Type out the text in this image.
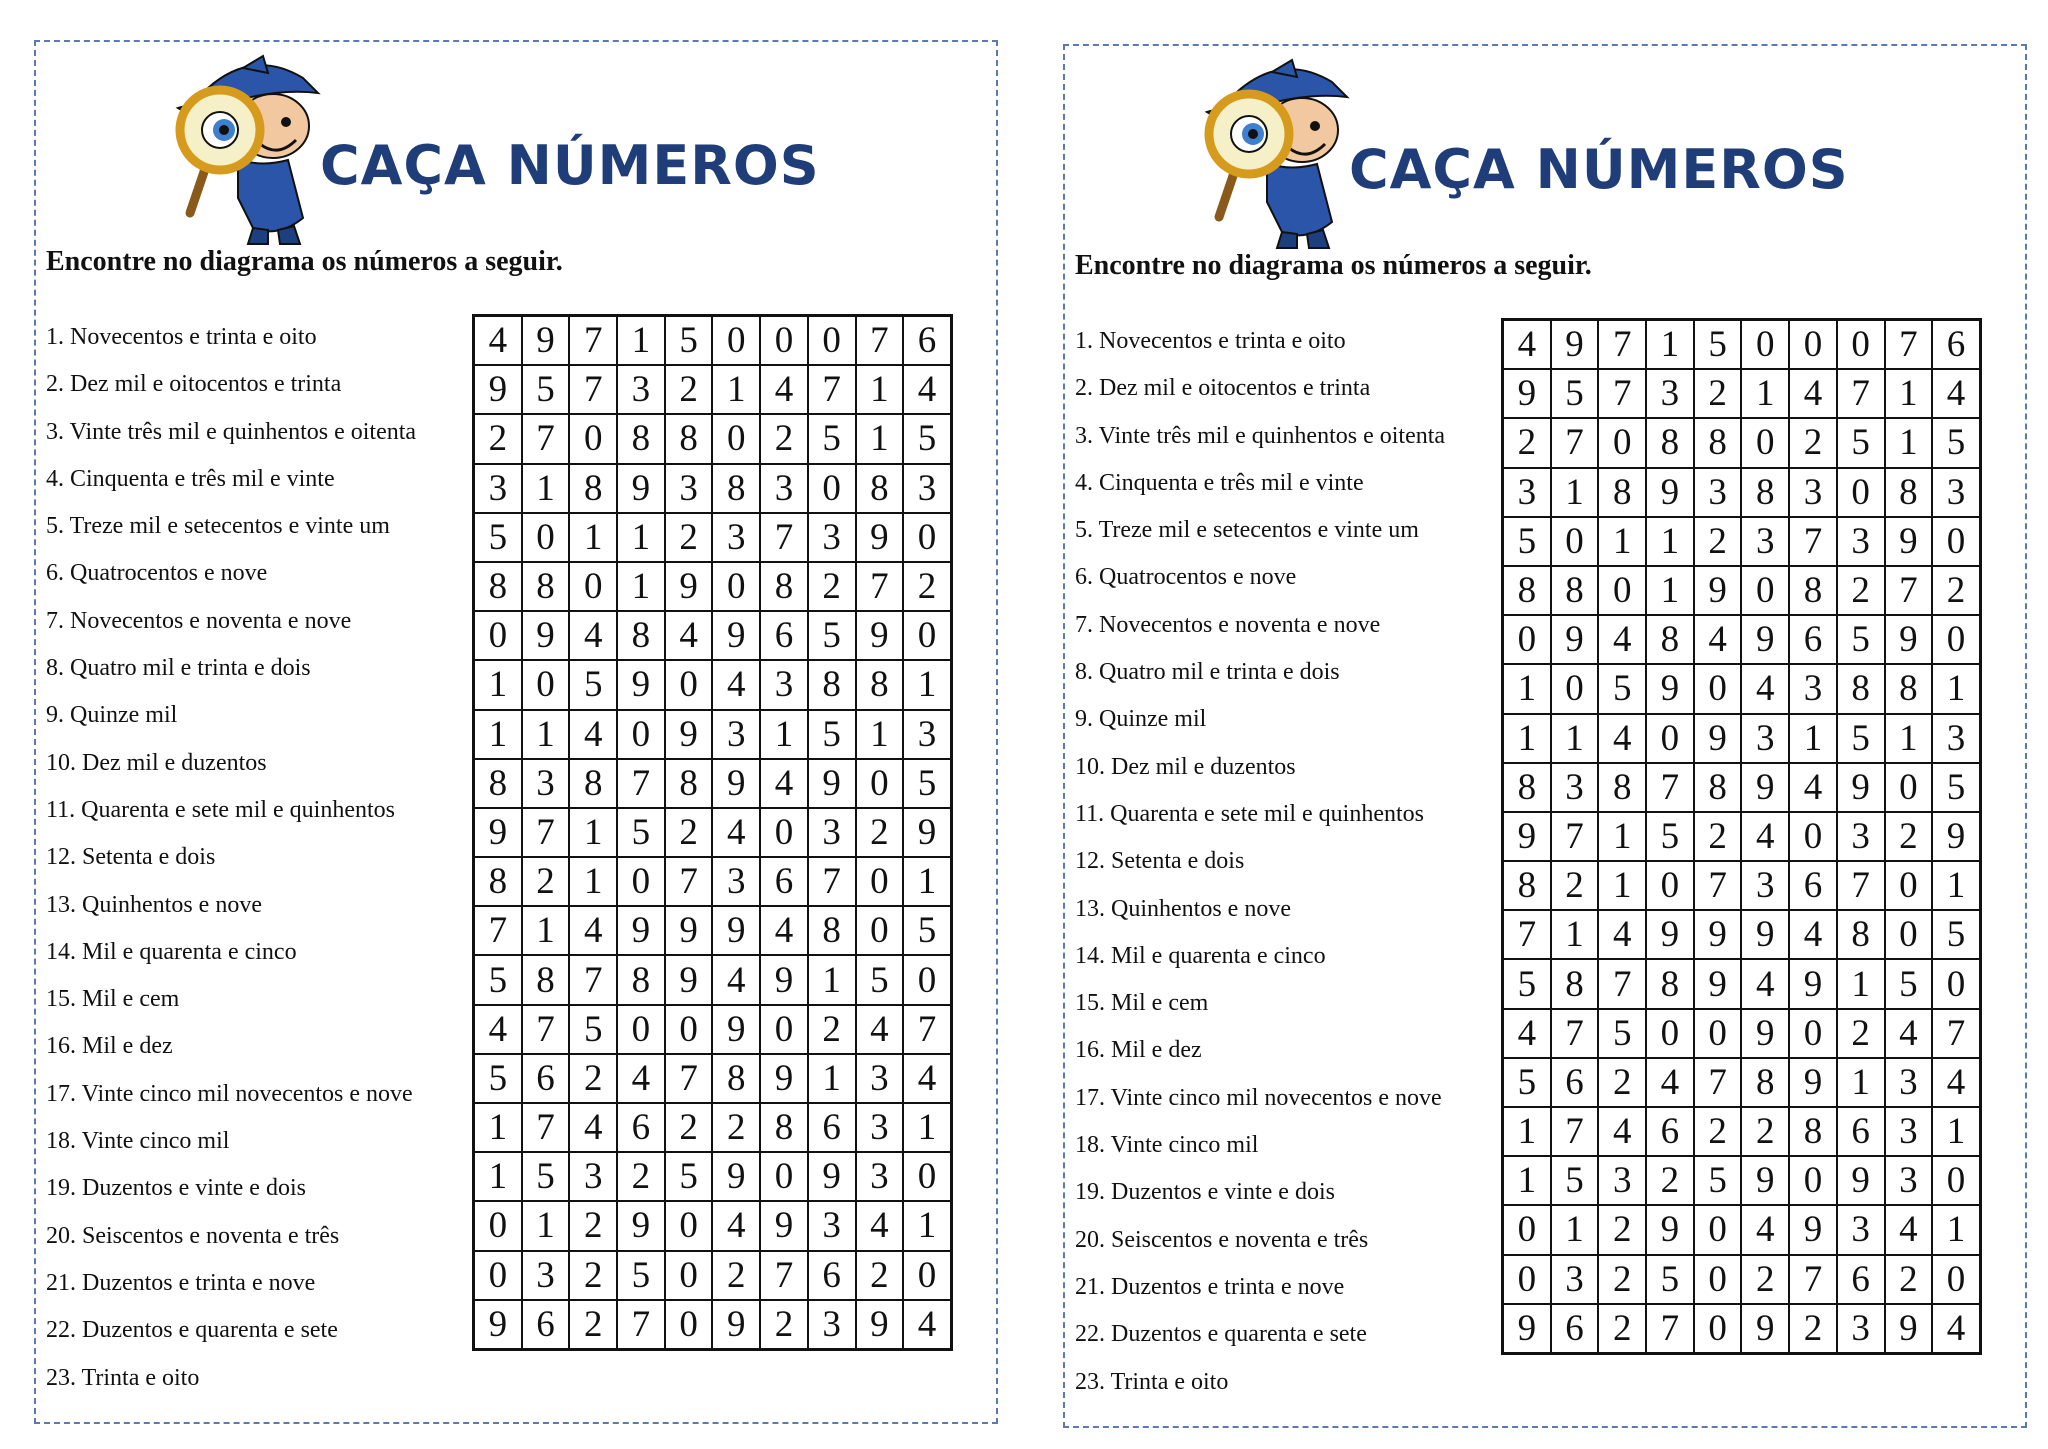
CAÇA NÚMEROS

Encontre no diagrama os números a seguir.

1. Novecentos e trinta e oito
2. Dez mil e oitocentos e trinta
3. Vinte três mil e quinhentos e oitenta
4. Cinquenta e três mil e vinte
5. Treze mil e setecentos e vinte um
6. Quatrocentos e nove
7. Novecentos e noventa e nove
8. Quatro mil e trinta e dois
9. Quinze mil
10. Dez mil e duzentos
11. Quarenta e sete mil e quinhentos
12. Setenta e dois
13. Quinhentos e nove
14. Mil e quarenta e cinco
15. Mil e cem
16. Mil e dez
17. Vinte cinco mil novecentos e nove
18. Vinte cinco mil
19. Duzentos e vinte e dois
20. Seiscentos e noventa e três
21. Duzentos e trinta e nove
22. Duzentos e quarenta e sete
23. Trinta e oito
4	9	7	1	5	0	0	0	7	6
9	5	7	3	2	1	4	7	1	4
2	7	0	8	8	0	2	5	1	5
3	1	8	9	3	8	3	0	8	3
5	0	1	1	2	3	7	3	9	0
8	8	0	1	9	0	8	2	7	2
0	9	4	8	4	9	6	5	9	0
1	0	5	9	0	4	3	8	8	1
1	1	4	0	9	3	1	5	1	3
8	3	8	7	8	9	4	9	0	5
9	7	1	5	2	4	0	3	2	9
8	2	1	0	7	3	6	7	0	1
7	1	4	9	9	9	4	8	0	5
5	8	7	8	9	4	9	1	5	0
4	7	5	0	0	9	0	2	4	7
5	6	2	4	7	8	9	1	3	4
1	7	4	6	2	2	8	6	3	1
1	5	3	2	5	9	0	9	3	0
0	1	2	9	0	4	9	3	4	1
0	3	2	5	0	2	7	6	2	0
9	6	2	7	0	9	2	3	9	4
CAÇA NÚMEROS

Encontre no diagrama os números a seguir.

1. Novecentos e trinta e oito
2. Dez mil e oitocentos e trinta
3. Vinte três mil e quinhentos e oitenta
4. Cinquenta e três mil e vinte
5. Treze mil e setecentos e vinte um
6. Quatrocentos e nove
7. Novecentos e noventa e nove
8. Quatro mil e trinta e dois
9. Quinze mil
10. Dez mil e duzentos
11. Quarenta e sete mil e quinhentos
12. Setenta e dois
13. Quinhentos e nove
14. Mil e quarenta e cinco
15. Mil e cem
16. Mil e dez
17. Vinte cinco mil novecentos e nove
18. Vinte cinco mil
19. Duzentos e vinte e dois
20. Seiscentos e noventa e três
21. Duzentos e trinta e nove
22. Duzentos e quarenta e sete
23. Trinta e oito
4	9	7	1	5	0	0	0	7	6
9	5	7	3	2	1	4	7	1	4
2	7	0	8	8	0	2	5	1	5
3	1	8	9	3	8	3	0	8	3
5	0	1	1	2	3	7	3	9	0
8	8	0	1	9	0	8	2	7	2
0	9	4	8	4	9	6	5	9	0
1	0	5	9	0	4	3	8	8	1
1	1	4	0	9	3	1	5	1	3
8	3	8	7	8	9	4	9	0	5
9	7	1	5	2	4	0	3	2	9
8	2	1	0	7	3	6	7	0	1
7	1	4	9	9	9	4	8	0	5
5	8	7	8	9	4	9	1	5	0
4	7	5	0	0	9	0	2	4	7
5	6	2	4	7	8	9	1	3	4
1	7	4	6	2	2	8	6	3	1
1	5	3	2	5	9	0	9	3	0
0	1	2	9	0	4	9	3	4	1
0	3	2	5	0	2	7	6	2	0
9	6	2	7	0	9	2	3	9	4
